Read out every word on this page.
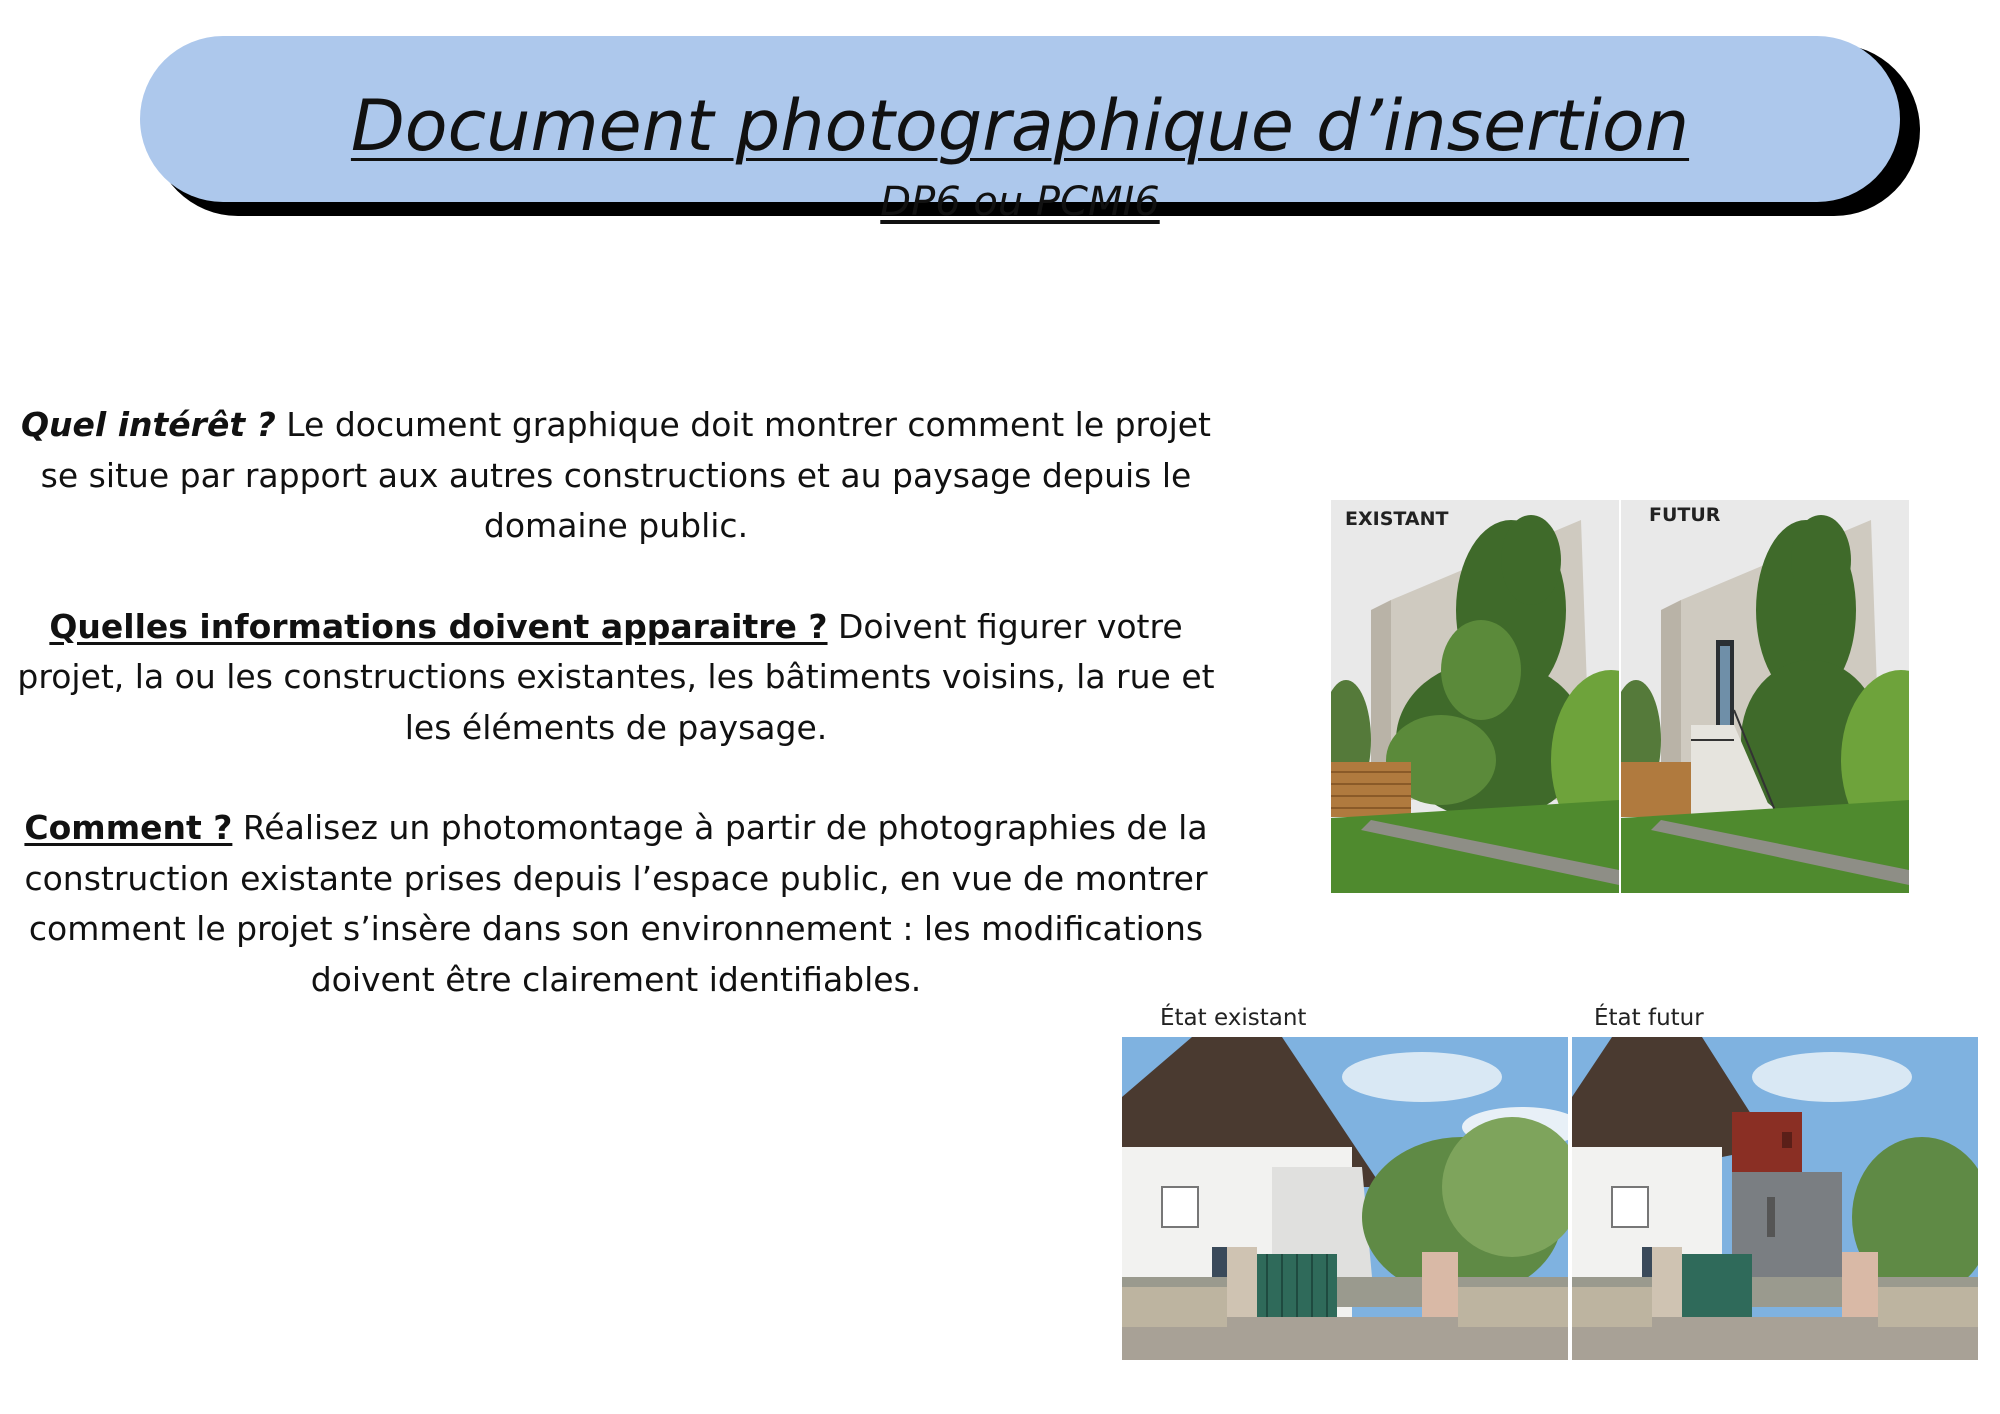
Document photographique d’insertion
DP6 ou PCMI6

Quel intérêt ? Le document graphique doit montrer comment le projet se situe par rapport aux autres constructions et au paysage depuis le domaine public.

Quelles informations doivent apparaitre ? Doivent figurer votre projet, la ou les constructions existantes, les bâtiments voisins, la rue et les éléments de paysage.

Comment ? Réalisez un photomontage à partir de photographies de la construction existante prises depuis l’espace public, en vue de montrer comment le projet s’insère dans son environnement : les modifications doivent être clairement identifiables.

EXISTANT	FUTUR
État existant	État futur
